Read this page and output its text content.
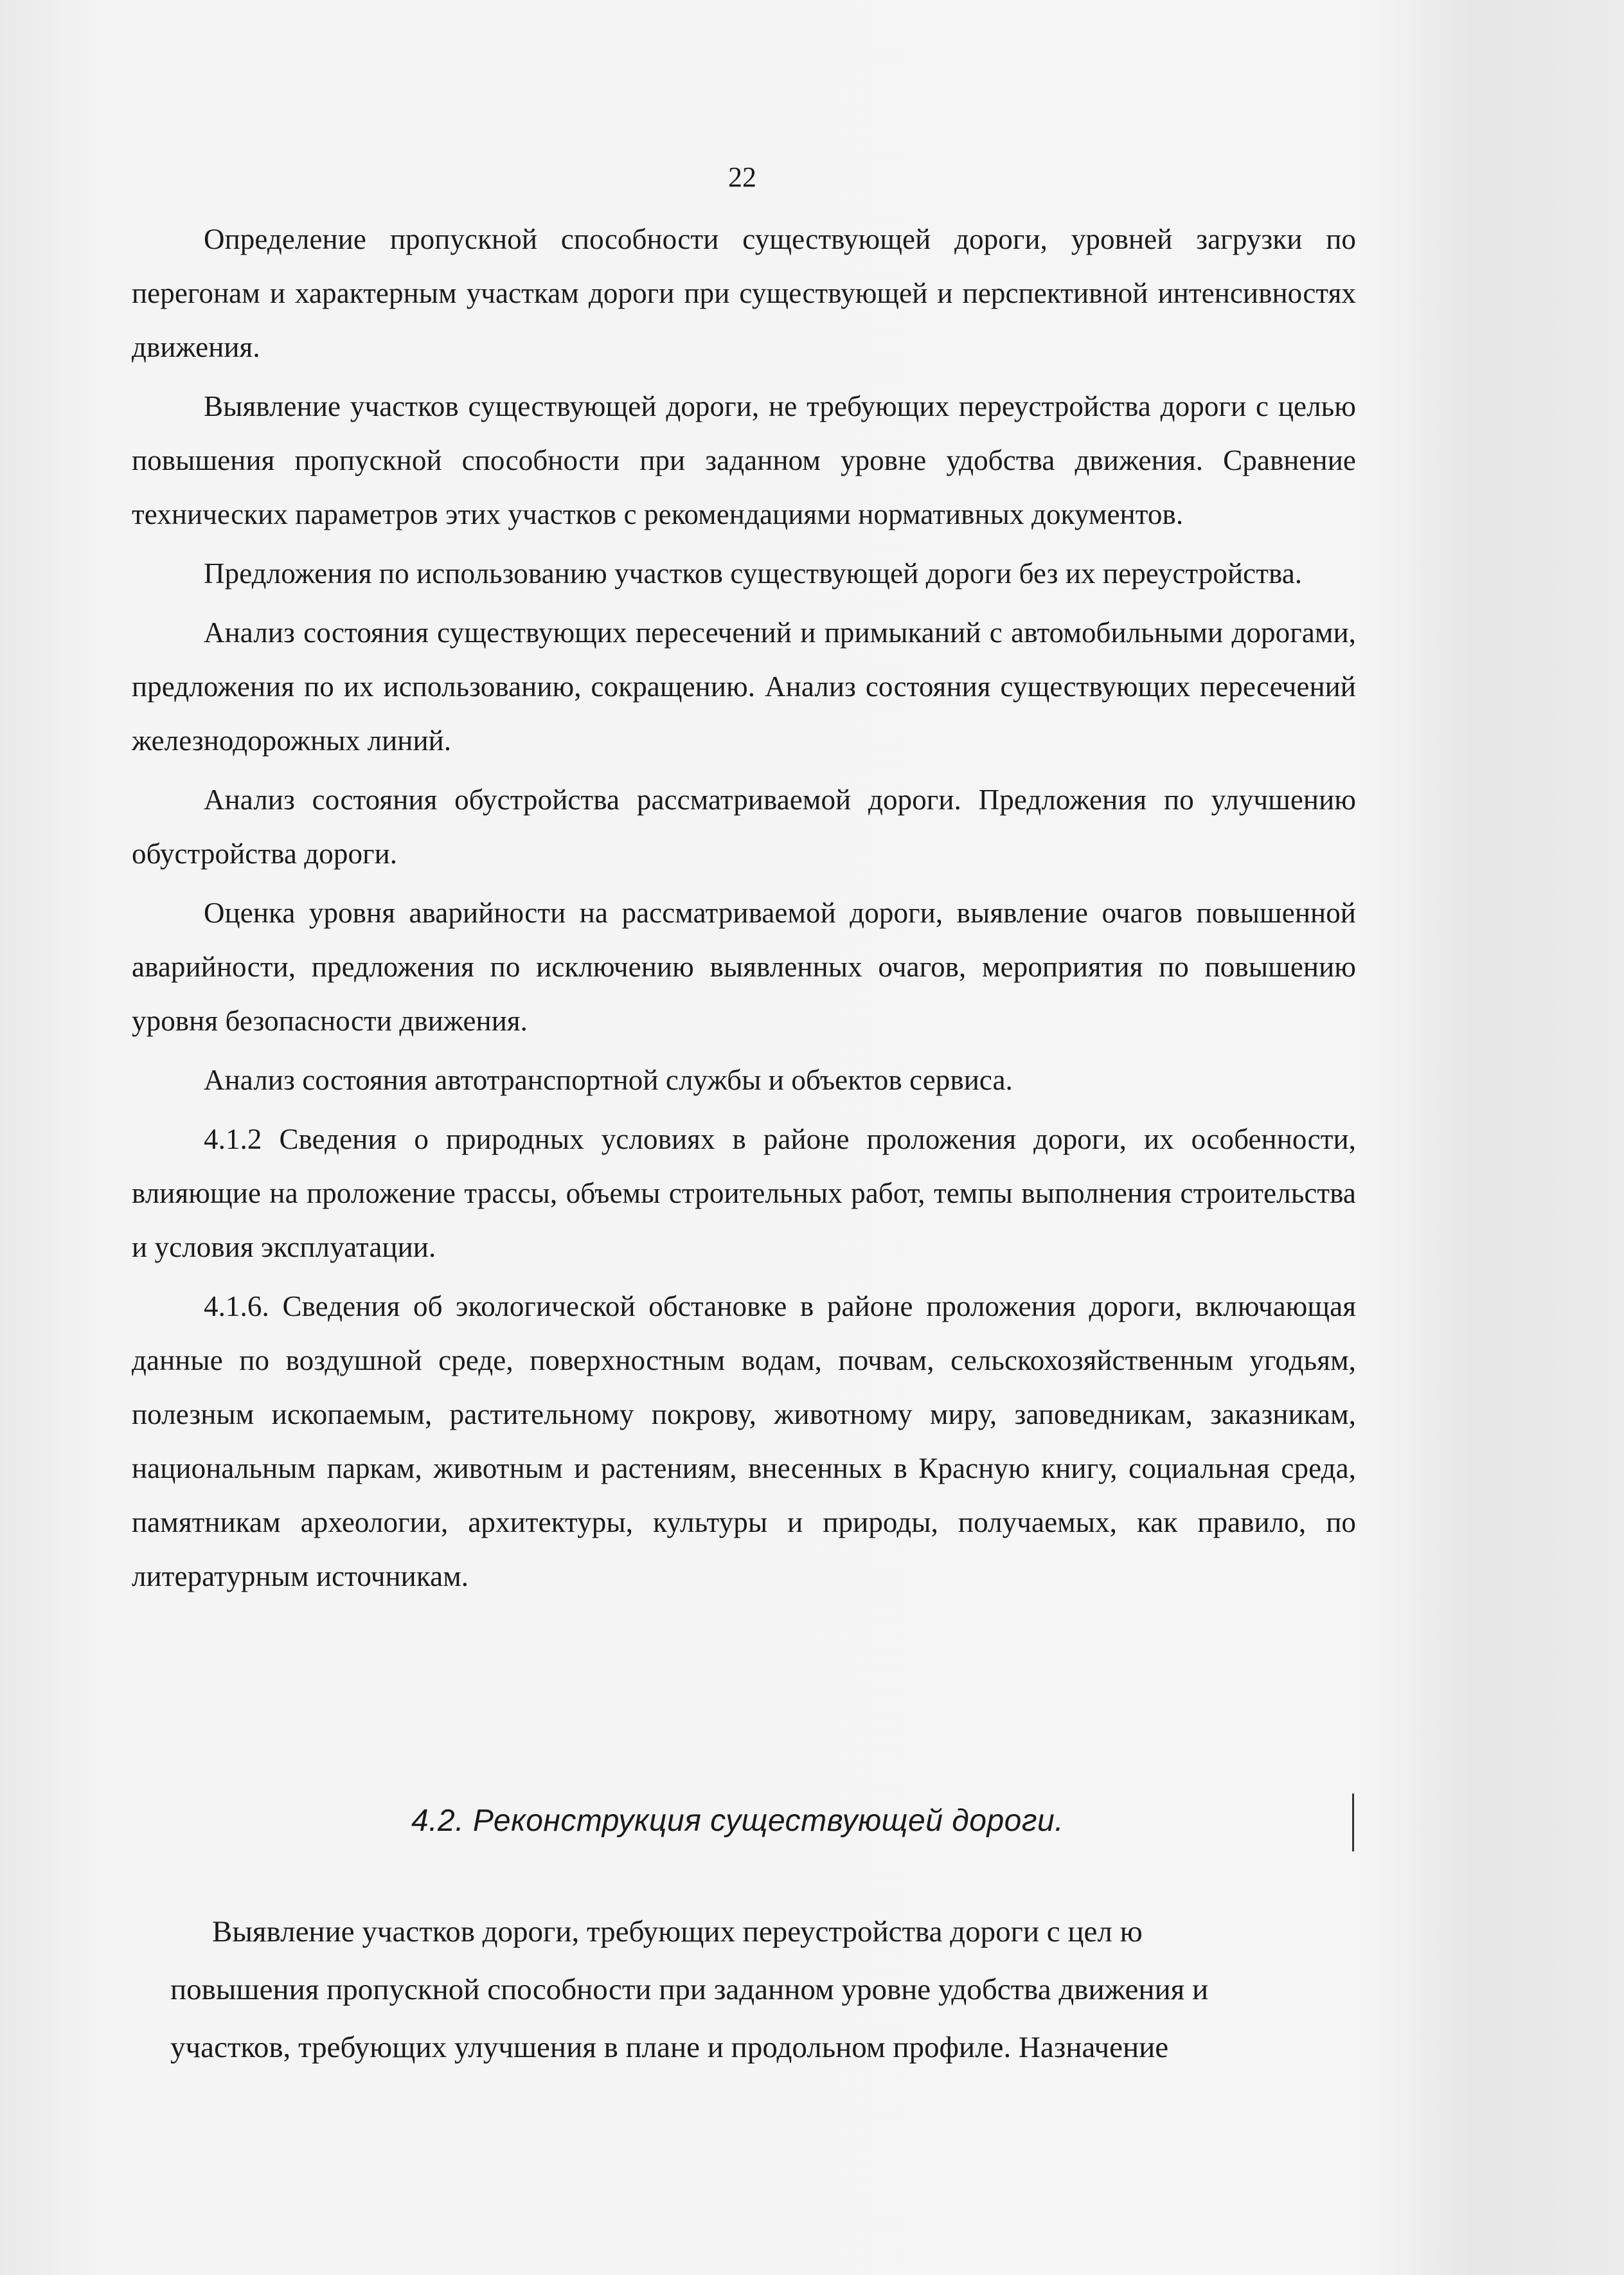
22

Определение пропускной способности существующей дороги, уровней загрузки по перегонам и характерным участкам дороги при существующей и перспективной интенсивностях движения.

Выявление участков существующей дороги, не требующих переустройства дороги с целью повышения пропускной способности при заданном уровне удобства движения. Сравнение технических параметров этих участков с рекомендациями нормативных документов.

Предложения по использованию участков существующей дороги без их переустройства.

Анализ состояния существующих пересечений и примыканий с автомобильными дорогами, предложения по их использованию, сокращению. Анализ состояния существующих пересечений железнодорожных линий.

Анализ состояния обустройства рассматриваемой дороги. Предложения по улучшению обустройства дороги.

Оценка уровня аварийности на рассматриваемой дороги, выявление очагов повышенной аварийности, предложения по исключению выявленных очагов, мероприятия по повышению уровня безопасности движения.

Анализ состояния автотранспортной службы и объектов сервиса.

4.1.2 Сведения о природных условиях в районе проложения дороги, их особенности, влияющие на проложение трассы, объемы строительных работ, темпы выполнения строительства и условия эксплуатации.

4.1.6. Сведения об экологической обстановке в районе проложения дороги, включающая данные по воздушной среде, поверхностным водам, почвам, сельскохозяйственным угодьям, полезным ископаемым, растительному покрову, животному миру, заповедникам, заказникам, национальным паркам, животным и растениям, внесенных в Красную книгу, социальная среда, памятникам археологии, архитектуры, культуры и природы, получаемых, как правило, по литературным источникам.

4.2. Реконструкция существующей дороги.

Выявление участков дороги, требующих переустройства дороги с цел ю

повышения пропускной способности при заданном уровне удобства движения и

участков, требующих улучшения в плане и продольном профиле. Назначение
